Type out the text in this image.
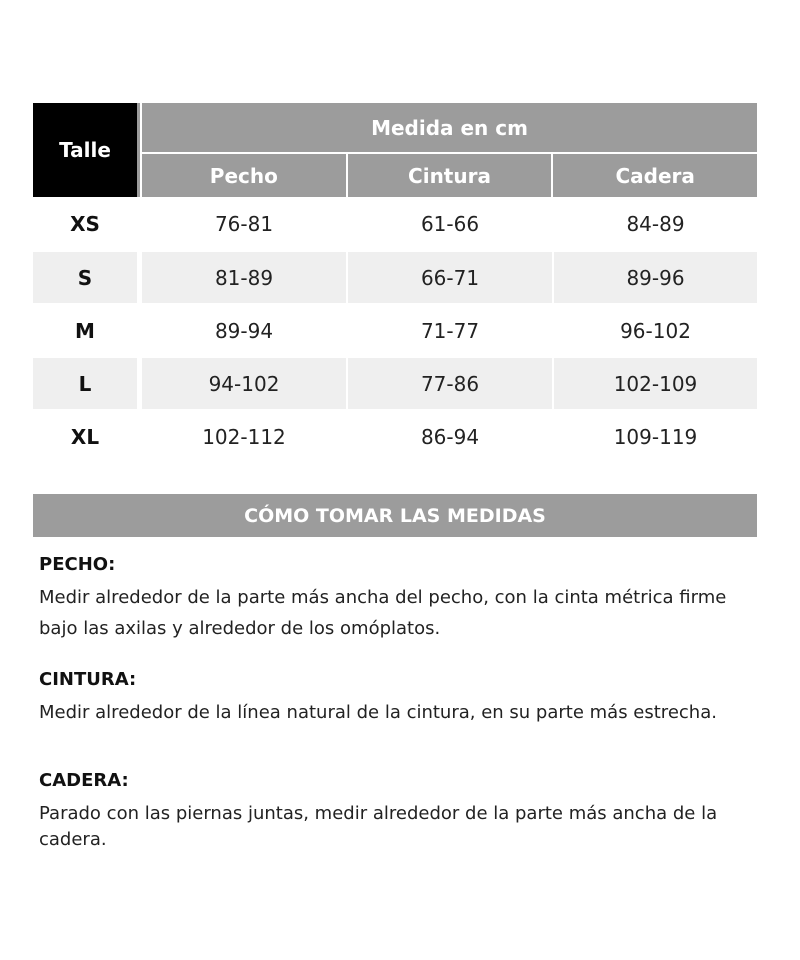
Talle
Medida en cm
Pecho	Cintura	Cadera
XS	76-81	61-66	84-89
S	81-89	66-71	89-96
M	89-94	71-77	96-102
L	94-102	77-86	102-109
XL	102-112	86-94	109-119
CÓMO TOMAR LAS MEDIDAS
PECHO:
Medir alrededor de la parte más ancha del pecho, con la cinta métrica firme bajo las axilas y alrededor de los omóplatos.
CINTURA:
Medir alrededor de la línea natural de la cintura, en su parte más estrecha.
CADERA:
Parado con las piernas juntas, medir alrededor de la parte más ancha de la cadera.
